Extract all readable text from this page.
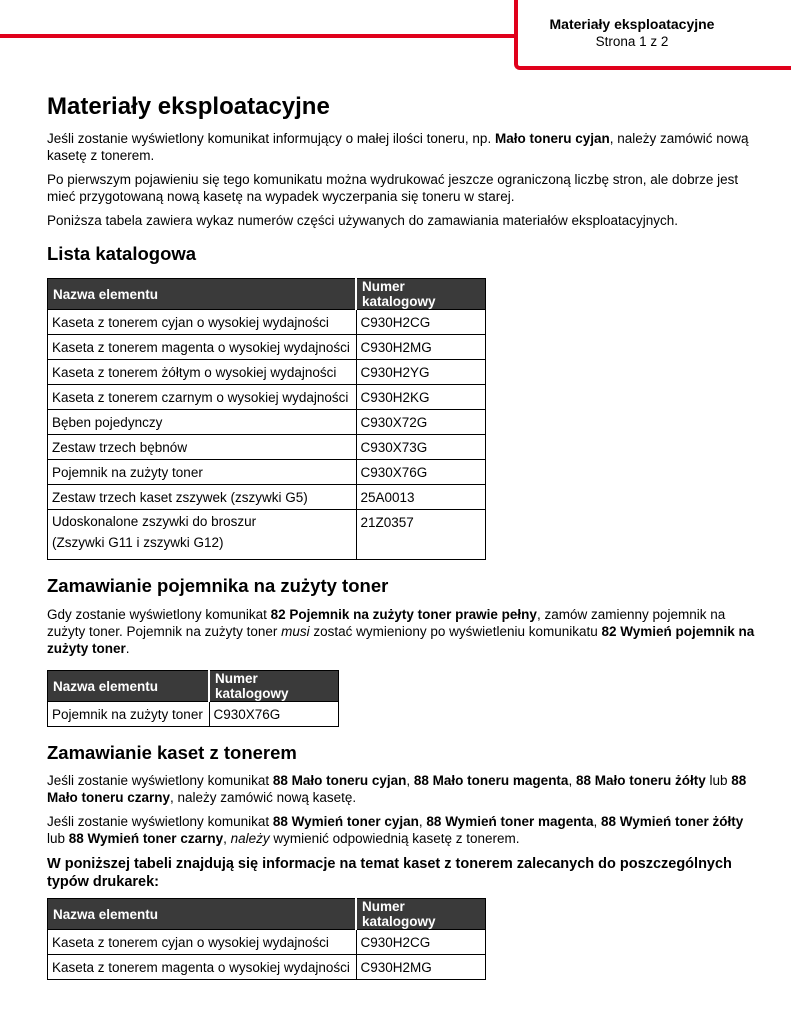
Materiały eksploatacyjne
Strona 1 z 2
Materiały eksploatacyjne

Jeśli zostanie wyświetlony komunikat informujący o małej ilości toneru, np. Mało toneru cyjan, należy zamówić nową kasetę z tonerem.

Po pierwszym pojawieniu się tego komunikatu można wydrukować jeszcze ograniczoną liczbę stron, ale dobrze jest mieć przygotowaną nową kasetę na wypadek wyczerpania się toneru w starej.

Poniższa tabela zawiera wykaz numerów części używanych do zamawiania materiałów eksploatacyjnych.

Lista katalogowa
Nazwa elementu	Numer katalogowy
Kaseta z tonerem cyjan o wysokiej wydajności	C930H2CG
Kaseta z tonerem magenta o wysokiej wydajności	C930H2MG
Kaseta z tonerem żółtym o wysokiej wydajności	C930H2YG
Kaseta z tonerem czarnym o wysokiej wydajności	C930H2KG
Bęben pojedynczy	C930X72G
Zestaw trzech bębnów	C930X73G
Pojemnik na zużyty toner	C930X76G
Zestaw trzech kaset zszywek (zszywki G5)	25A0013
Udoskonalone zszywki do broszur
(Zszywki G11 i zszywki G12)	21Z0357
Zamawianie pojemnika na zużyty toner

Gdy zostanie wyświetlony komunikat 82 Pojemnik na zużyty toner prawie pełny, zamów zamienny pojemnik na zużyty toner. Pojemnik na zużyty toner musi zostać wymieniony po wyświetleniu komunikatu 82 Wymień pojemnik na zużyty toner.

Nazwa elementu	Numer katalogowy
Pojemnik na zużyty toner	C930X76G
Zamawianie kaset z tonerem

Jeśli zostanie wyświetlony komunikat 88 Mało toneru cyjan, 88 Mało toneru magenta, 88 Mało toneru żółty lub 88 Mało toneru czarny, należy zamówić nową kasetę.

Jeśli zostanie wyświetlony komunikat 88 Wymień toner cyjan, 88 Wymień toner magenta, 88 Wymień toner żółty lub 88 Wymień toner czarny, należy wymienić odpowiednią kasetę z tonerem.

W poniższej tabeli znajdują się informacje na temat kaset z tonerem zalecanych do poszczególnych typów drukarek:

Nazwa elementu	Numer katalogowy
Kaseta z tonerem cyjan o wysokiej wydajności	C930H2CG
Kaseta z tonerem magenta o wysokiej wydajności	C930H2MG
